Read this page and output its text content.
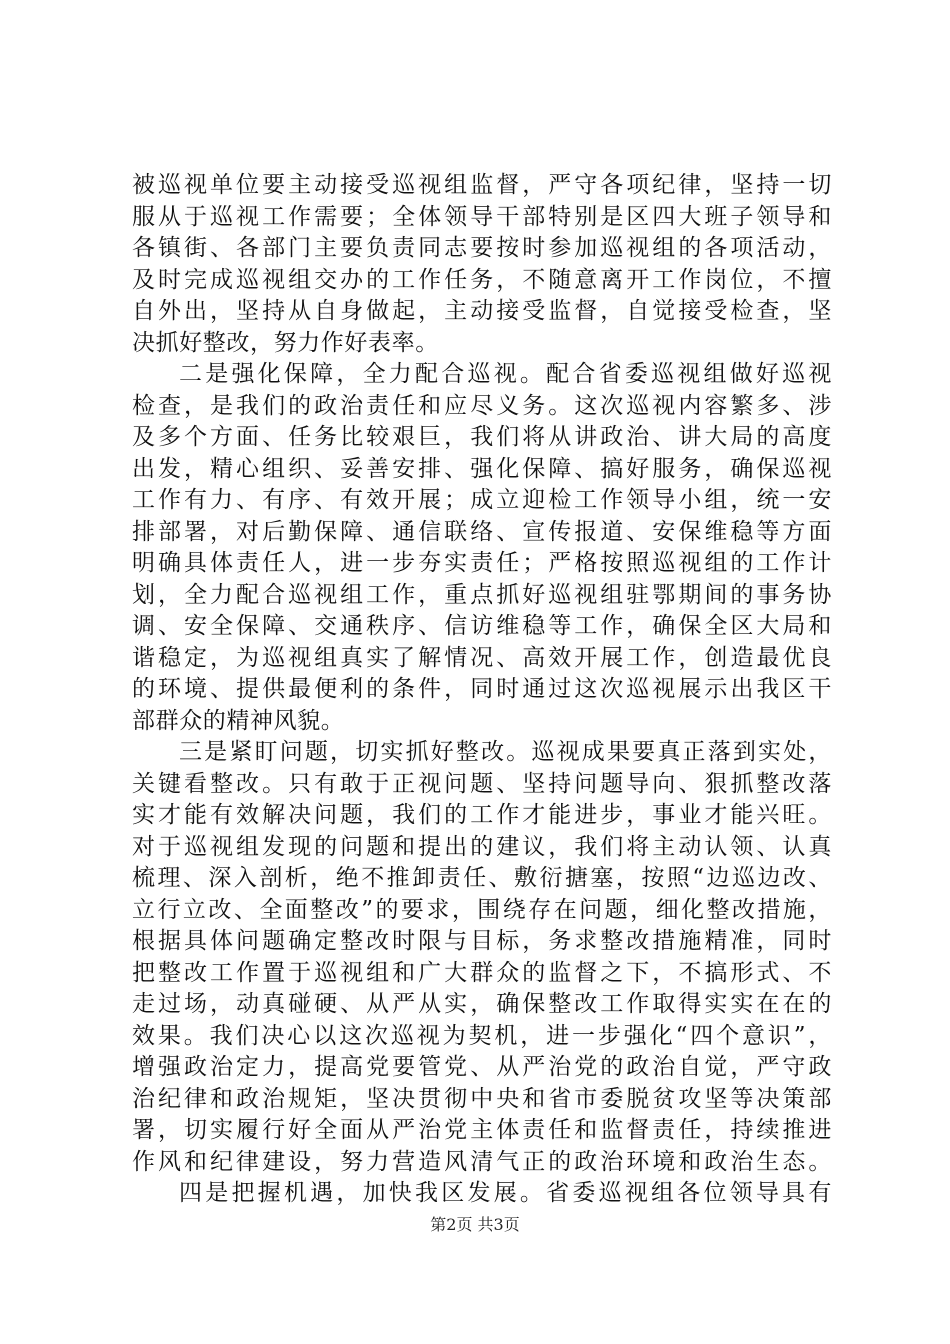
被巡视单位要主动接受巡视组监督，严守各项纪律，坚持一切
服从于巡视工作需要；全体领导干部特别是区四大班子领导和
各镇街、各部门主要负责同志要按时参加巡视组的各项活动，
及时完成巡视组交办的工作任务，不随意离开工作岗位，不擅
自外出，坚持从自身做起，主动接受监督，自觉接受检查，坚
决抓好整改，努力作好表率。
二是强化保障，全力配合巡视。配合省委巡视组做好巡视
检查，是我们的政治责任和应尽义务。这次巡视内容繁多、涉
及多个方面、任务比较艰巨，我们将从讲政治、讲大局的高度
出发，精心组织、妥善安排、强化保障、搞好服务，确保巡视
工作有力、有序、有效开展；成立迎检工作领导小组，统一安
排部署，对后勤保障、通信联络、宣传报道、安保维稳等方面
明确具体责任人，进一步夯实责任；严格按照巡视组的工作计
划，全力配合巡视组工作，重点抓好巡视组驻鄂期间的事务协
调、安全保障、交通秩序、信访维稳等工作，确保全区大局和
谐稳定，为巡视组真实了解情况、高效开展工作，创造最优良
的环境、提供最便利的条件，同时通过这次巡视展示出我区干
部群众的精神风貌。
三是紧盯问题，切实抓好整改。巡视成果要真正落到实处，
关键看整改。只有敢于正视问题、坚持问题导向、狠抓整改落
实才能有效解决问题，我们的工作才能进步，事业才能兴旺。
对于巡视组发现的问题和提出的建议，我们将主动认领、认真
梳理、深入剖析，绝不推卸责任、敷衍搪塞，按照“边巡边改、
立行立改、全面整改”的要求，围绕存在问题，细化整改措施，
根据具体问题确定整改时限与目标，务求整改措施精准，同时
把整改工作置于巡视组和广大群众的监督之下，不搞形式、不
走过场，动真碰硬、从严从实，确保整改工作取得实实在在的
效果。我们决心以这次巡视为契机，进一步强化“四个意识”，
增强政治定力，提高党要管党、从严治党的政治自觉，严守政
治纪律和政治规矩，坚决贯彻中央和省市委脱贫攻坚等决策部
署，切实履行好全面从严治党主体责任和监督责任，持续推进
作风和纪律建设，努力营造风清气正的政治环境和政治生态。
四是把握机遇，加快我区发展。省委巡视组各位领导具有
第2页 共3页
